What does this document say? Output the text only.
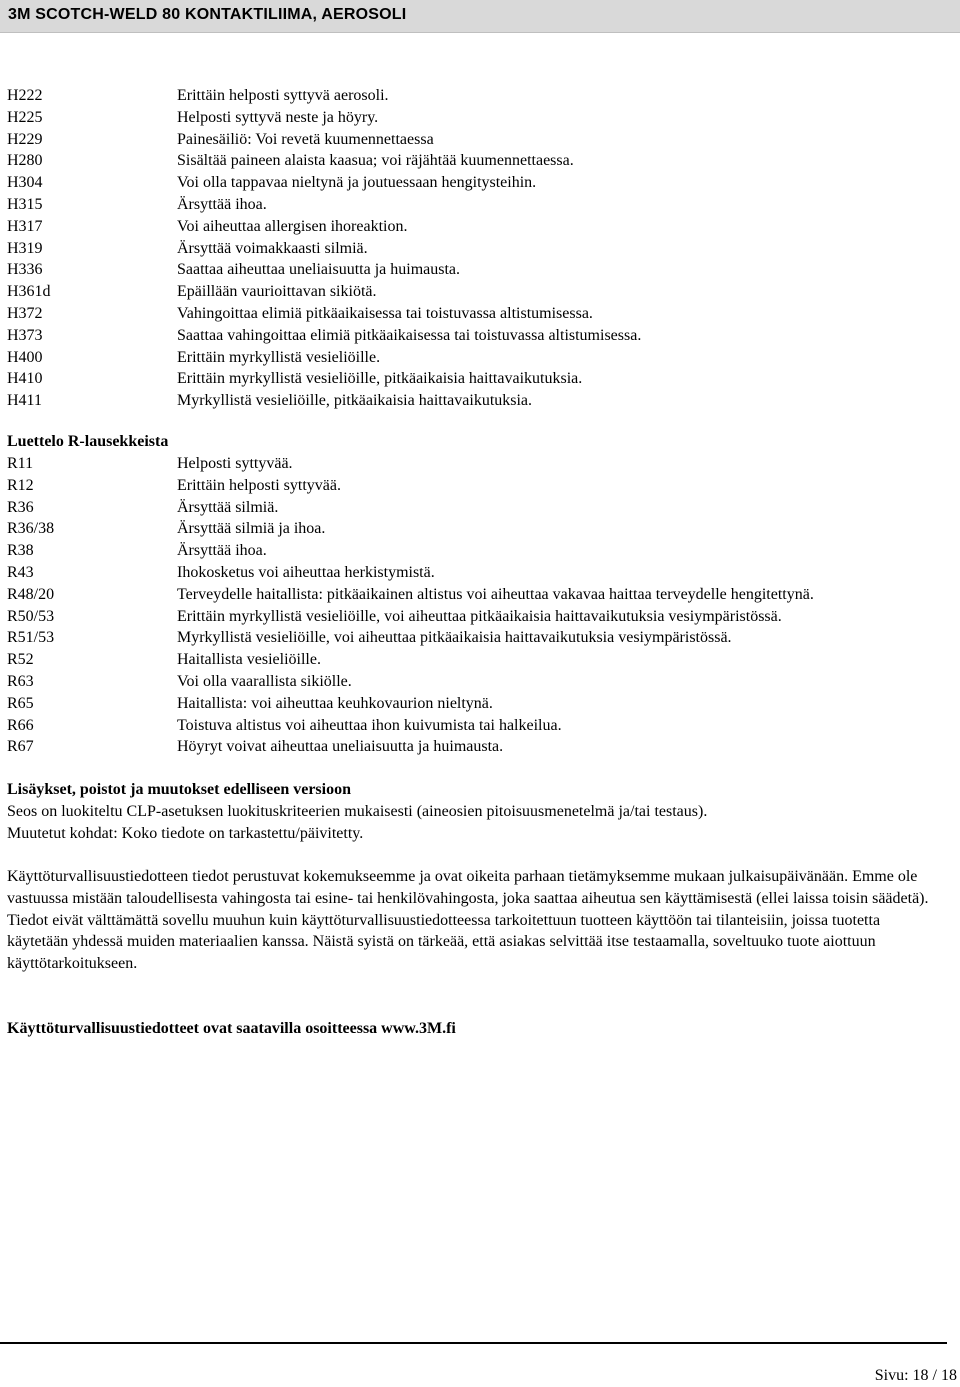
3M SCOTCH-WELD 80 KONTAKTILIIMA, AEROSOLI
H222	Erittäin helposti syttyvä aerosoli.
H225	Helposti syttyvä neste ja höyry.
H229	Painesäiliö: Voi revetä kuumennettaessa
H280	Sisältää paineen alaista kaasua; voi räjähtää kuumennettaessa.
H304	Voi olla tappavaa nieltynä ja joutuessaan hengitysteihin.
H315	Ärsyttää ihoa.
H317	Voi aiheuttaa allergisen ihoreaktion.
H319	Ärsyttää voimakkaasti silmiä.
H336	Saattaa aiheuttaa uneliaisuutta ja huimausta.
H361d	Epäillään vaurioittavan sikiötä.
H372	Vahingoittaa elimiä pitkäaikaisessa tai toistuvassa altistumisessa.
H373	Saattaa vahingoittaa elimiä pitkäaikaisessa tai toistuvassa altistumisessa.
H400	Erittäin myrkyllistä vesieliöille.
H410	Erittäin myrkyllistä vesieliöille, pitkäaikaisia haittavaikutuksia.
H411	Myrkyllistä vesieliöille, pitkäaikaisia haittavaikutuksia.
Luettelo R-lausekkeista
R11	Helposti syttyvää.
R12	Erittäin helposti syttyvää.
R36	Ärsyttää silmiä.
R36/38	Ärsyttää silmiä ja ihoa.
R38	Ärsyttää ihoa.
R43	Ihokosketus voi aiheuttaa herkistymistä.
R48/20	Terveydelle haitallista: pitkäaikainen altistus voi aiheuttaa vakavaa haittaa terveydelle hengitettynä.
R50/53	Erittäin myrkyllistä vesieliöille, voi aiheuttaa pitkäaikaisia haittavaikutuksia vesiympäristössä.
R51/53	Myrkyllistä vesieliöille, voi aiheuttaa pitkäaikaisia haittavaikutuksia vesiympäristössä.
R52	Haitallista vesieliöille.
R63	Voi olla vaarallista sikiölle.
R65	Haitallista: voi aiheuttaa keuhkovaurion nieltynä.
R66	Toistuva altistus voi aiheuttaa ihon kuivumista tai halkeilua.
R67	Höyryt voivat aiheuttaa uneliaisuutta ja huimausta.
Lisäykset, poistot ja muutokset edelliseen versioon

Seos on luokiteltu CLP-asetuksen luokituskriteerien mukaisesti (aineosien pitoisuusmenetelmä ja/tai testaus).

Muutetut kohdat: Koko tiedote on tarkastettu/päivitetty.

Käyttöturvallisuustiedotteen tiedot perustuvat kokemukseemme ja ovat oikeita parhaan tietämyksemme mukaan julkaisupäivänään. Emme ole vastuussa mistään taloudellisesta vahingosta tai esine- tai henkilövahingosta, joka saattaa aiheutua sen käyttämisestä (ellei laissa toisin säädetä). Tiedot eivät välttämättä sovellu muuhun kuin käyttöturvallisuustiedotteessa tarkoitettuun tuotteen käyttöön tai tilanteisiin, joissa tuotetta käytetään yhdessä muiden materiaalien kanssa. Näistä syistä on tärkeää, että asiakas selvittää itse testaamalla, soveltuuko tuote aiottuun käyttötarkoitukseen.

Käyttöturvallisuustiedotteet ovat saatavilla osoitteessa www.3M.fi

Sivu: 18 / 18
